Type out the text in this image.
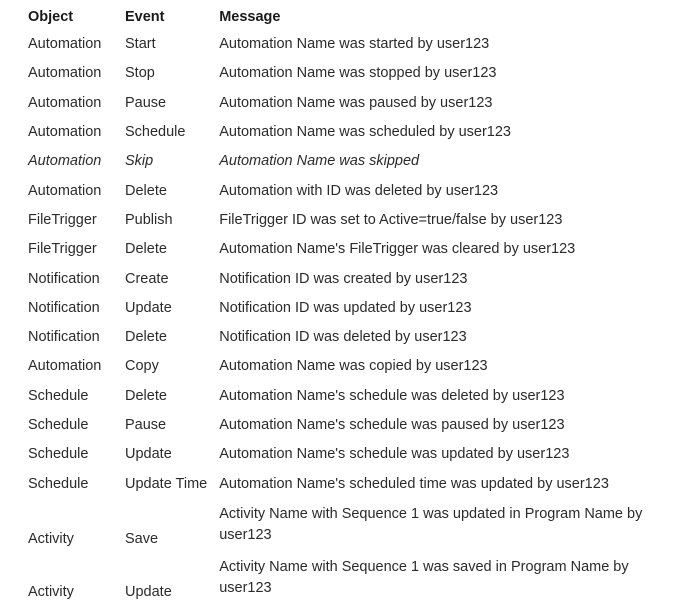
Object	Event	Message
Automation	Start	Automation Name was started by user123
Automation	Stop	Automation Name was stopped by user123
Automation	Pause	Automation Name was paused by user123
Automation	Schedule	Automation Name was scheduled by user123
Automation	Skip	Automation Name was skipped
Automation	Delete	Automation with ID was deleted by user123
FileTrigger	Publish	FileTrigger ID was set to Active=true/false by user123
FileTrigger	Delete	Automation Name's FileTrigger was cleared by user123
Notification	Create	Notification ID was created by user123
Notification	Update	Notification ID was updated by user123
Notification	Delete	Notification ID was deleted by user123
Automation	Copy	Automation Name was copied by user123
Schedule	Delete	Automation Name's schedule was deleted by user123
Schedule	Pause	Automation Name's schedule was paused by user123
Schedule	Update	Automation Name's schedule was updated by user123
Schedule	Update Time	Automation Name's scheduled time was updated by user123
Activity	Save	Activity Name with Sequence 1 was updated in Program Name by user123
Activity	Update	Activity Name with Sequence 1 was saved in Program Name by user123
